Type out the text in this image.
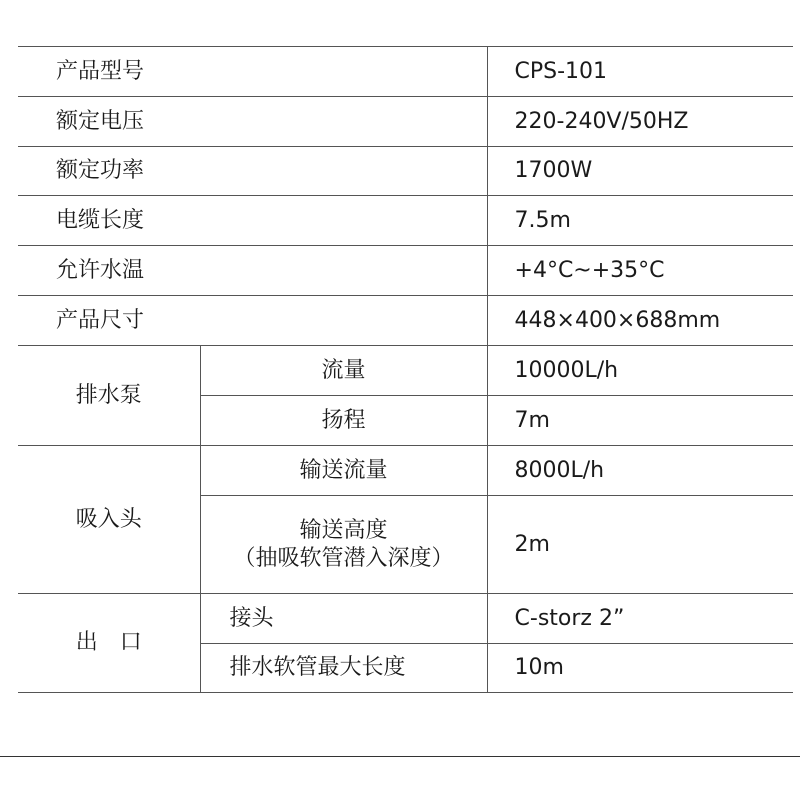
产品型号		CPS-101
额定电压		220-240V/50HZ
额定功率		1700W
电缆长度		7.5m
允许水温		+4°C~+35°C
产品尺寸		448×400×688mm
排水泵	流量	10000L/h
	扬程	7m
吸入头	输送流量	8000L/h

	输送高度
（抽吸软管潜入深度）	2m
出　口	接头	C-storz 2”
	排水软管最大长度	10m
